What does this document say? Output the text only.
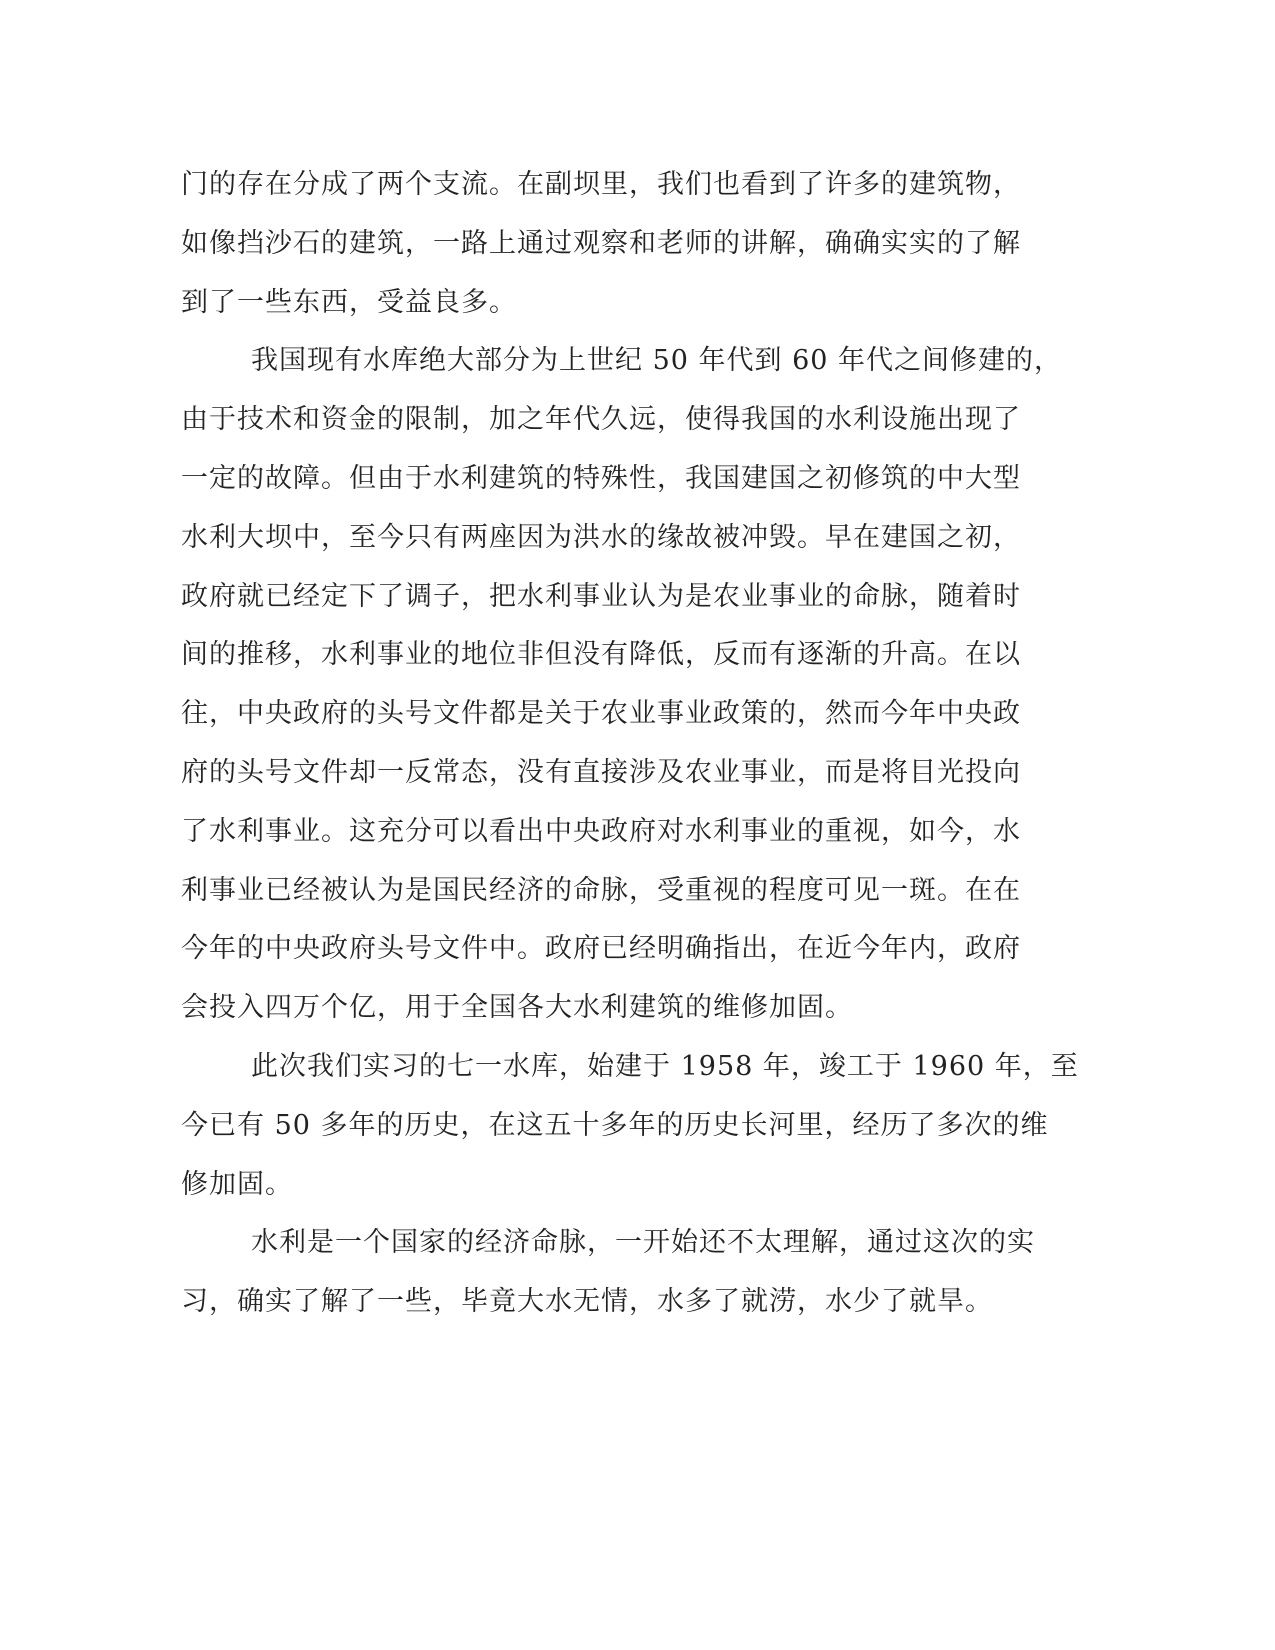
门的存在分成了两个支流。在副坝里，我们也看到了许多的建筑物，
如像挡沙石的建筑，一路上通过观察和老师的讲解，确确实实的了解
到了一些东西，受益良多。
我国现有水库绝大部分为上世纪 50 年代到 60 年代之间修建的，
由于技术和资金的限制，加之年代久远，使得我国的水利设施出现了
一定的故障。但由于水利建筑的特殊性，我国建国之初修筑的中大型
水利大坝中，至今只有两座因为洪水的缘故被冲毁。早在建国之初，
政府就已经定下了调子，把水利事业认为是农业事业的命脉，随着时
间的推移，水利事业的地位非但没有降低，反而有逐渐的升高。在以
往，中央政府的头号文件都是关于农业事业政策的，然而今年中央政
府的头号文件却一反常态，没有直接涉及农业事业，而是将目光投向
了水利事业。这充分可以看出中央政府对水利事业的重视，如今，水
利事业已经被认为是国民经济的命脉，受重视的程度可见一斑。在在
今年的中央政府头号文件中。政府已经明确指出，在近今年内，政府
会投入四万个亿，用于全国各大水利建筑的维修加固。
此次我们实习的七一水库，始建于 1958 年，竣工于 1960 年，至
今已有 50 多年的历史，在这五十多年的历史长河里，经历了多次的维
修加固。
水利是一个国家的经济命脉，一开始还不太理解，通过这次的实
习，确实了解了一些，毕竟大水无情，水多了就涝，水少了就旱。
